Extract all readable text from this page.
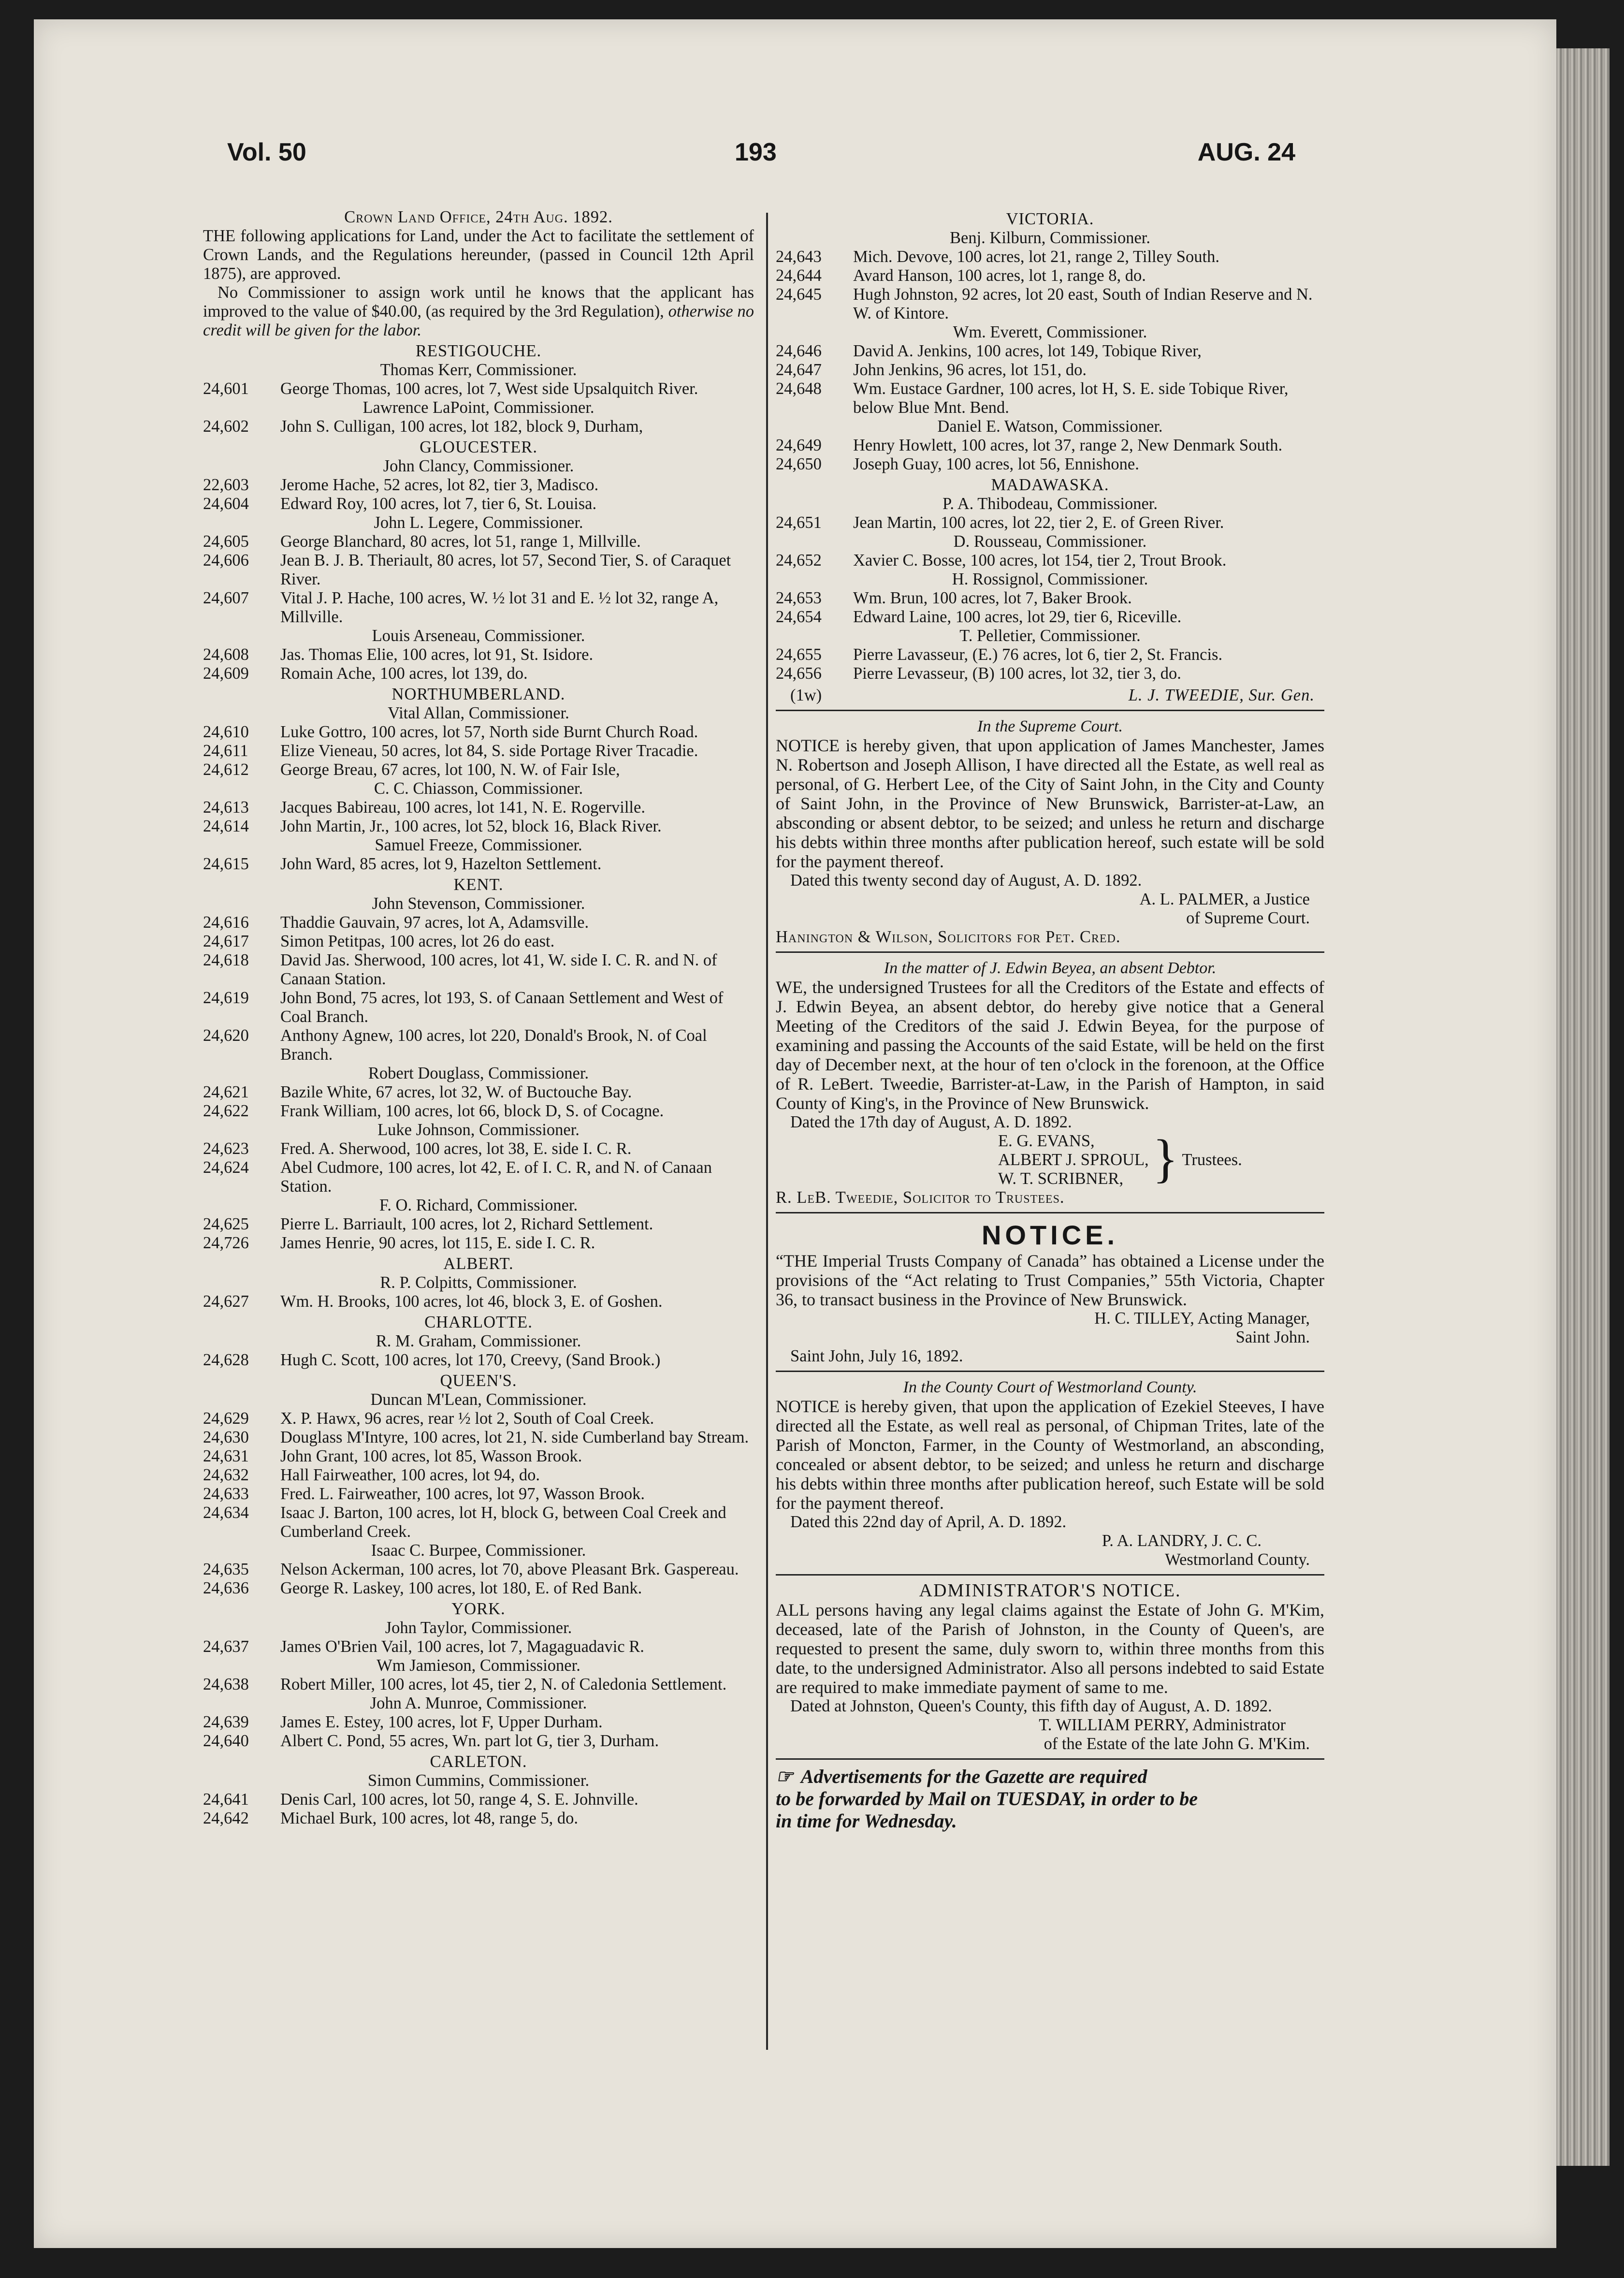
Vol. 50	193	AUG. 24
Crown Land Office, 24th Aug. 1892.
THE following applications for Land, under the Act to facilitate the settlement of Crown Lands, and the Regulations hereunder, (passed in Council 12th April 1875), are approved.
No Commissioner to assign work until he knows that the applicant has improved to the value of $40.00, (as required by the 3rd Regulation), otherwise no credit will be given for the labor.
RESTIGOUCHE.
Thomas Kerr, Commissioner.
24,601 George Thomas, 100 acres, lot 7, West side Upsalquitch River.
Lawrence LaPoint, Commissioner.
24,602 John S. Culligan, 100 acres, lot 182, block 9, Durham,
GLOUCESTER.
John Clancy, Commissioner.
22,603 Jerome Hache, 52 acres, lot 82, tier 3, Madisco.
24,604 Edward Roy, 100 acres, lot 7, tier 6, St. Louisa.
John L. Legere, Commissioner.
24,605 George Blanchard, 80 acres, lot 51, range 1, Millville.
24,606 Jean B. J. B. Theriault, 80 acres, lot 57, Second Tier, S. of Caraquet River.
24,607 Vital J. P. Hache, 100 acres, W. ½ lot 31 and E. ½ lot 32, range A, Millville.
Louis Arseneau, Commissioner.
24,608 Jas. Thomas Elie, 100 acres, lot 91, St. Isidore.
24,609 Romain Ache, 100 acres, lot 139, do.
NORTHUMBERLAND.
Vital Allan, Commissioner.
24,610 Luke Gottro, 100 acres, lot 57, North side Burnt Church Road.
24,611 Elize Vieneau, 50 acres, lot 84, S. side Portage River Tracadie.
24,612 George Breau, 67 acres, lot 100, N. W. of Fair Isle,
C. C. Chiasson, Commissioner.
24,613 Jacques Babireau, 100 acres, lot 141, N. E. Rogerville.
24,614 John Martin, Jr., 100 acres, lot 52, block 16, Black River.
Samuel Freeze, Commissioner.
24,615 John Ward, 85 acres, lot 9, Hazelton Settlement.
KENT.
John Stevenson, Commissioner.
24,616 Thaddie Gauvain, 97 acres, lot A, Adamsville.
24,617 Simon Petitpas, 100 acres, lot 26 do east.
24,618 David Jas. Sherwood, 100 acres, lot 41, W. side I. C. R. and N. of Canaan Station.
24,619 John Bond, 75 acres, lot 193, S. of Canaan Settlement and West of Coal Branch.
24,620 Anthony Agnew, 100 acres, lot 220, Donald's Brook, N. of Coal Branch.
Robert Douglass, Commissioner.
24,621 Bazile White, 67 acres, lot 32, W. of Buctouche Bay.
24,622 Frank William, 100 acres, lot 66, block D, S. of Cocagne.
Luke Johnson, Commissioner.
24,623 Fred. A. Sherwood, 100 acres, lot 38, E. side I. C. R.
24,624 Abel Cudmore, 100 acres, lot 42, E. of I. C. R, and N. of Canaan Station.
F. O. Richard, Commissioner.
24,625 Pierre L. Barriault, 100 acres, lot 2, Richard Settlement.
24,726 James Henrie, 90 acres, lot 115, E. side I. C. R.
ALBERT.
R. P. Colpitts, Commissioner.
24,627 Wm. H. Brooks, 100 acres, lot 46, block 3, E. of Goshen.
CHARLOTTE.
R. M. Graham, Commissioner.
24,628 Hugh C. Scott, 100 acres, lot 170, Creevy, (Sand Brook.)
QUEEN'S.
Duncan M'Lean, Commissioner.
24,629 X. P. Hawx, 96 acres, rear ½ lot 2, South of Coal Creek.
24,630 Douglass M'Intyre, 100 acres, lot 21, N. side Cumberland bay Stream.
24,631 John Grant, 100 acres, lot 85, Wasson Brook.
24,632 Hall Fairweather, 100 acres, lot 94, do.
24,633 Fred. L. Fairweather, 100 acres, lot 97, Wasson Brook.
24,634 Isaac J. Barton, 100 acres, lot H, block G, between Coal Creek and Cumberland Creek.
Isaac C. Burpee, Commissioner.
24,635 Nelson Ackerman, 100 acres, lot 70, above Pleasant Brk. Gaspereau.
24,636 George R. Laskey, 100 acres, lot 180, E. of Red Bank.
YORK.
John Taylor, Commissioner.
24,637 James O'Brien Vail, 100 acres, lot 7, Magaguadavic R.
Wm Jamieson, Commissioner.
24,638 Robert Miller, 100 acres, lot 45, tier 2, N. of Caledonia Settlement.
John A. Munroe, Commissioner.
24,639 James E. Estey, 100 acres, lot F, Upper Durham.
24,640 Albert C. Pond, 55 acres, Wn. part lot G, tier 3, Durham.
CARLETON.
Simon Cummins, Commissioner.
24,641 Denis Carl, 100 acres, lot 50, range 4, S. E. Johnville.
24,642 Michael Burk, 100 acres, lot 48, range 5, do.
VICTORIA.
Benj. Kilburn, Commissioner.
24,643 Mich. Devove, 100 acres, lot 21, range 2, Tilley South.
24,644 Avard Hanson, 100 acres, lot 1, range 8, do.
24,645 Hugh Johnston, 92 acres, lot 20 east, South of Indian Reserve and N. W. of Kintore.
Wm. Everett, Commissioner.
24,646 David A. Jenkins, 100 acres, lot 149, Tobique River,
24,647 John Jenkins, 96 acres, lot 151, do.
24,648 Wm. Eustace Gardner, 100 acres, lot H, S. E. side Tobique River, below Blue Mnt. Bend.
Daniel E. Watson, Commissioner.
24,649 Henry Howlett, 100 acres, lot 37, range 2, New Denmark South.
24,650 Joseph Guay, 100 acres, lot 56, Ennishone.
MADAWASKA.
P. A. Thibodeau, Commissioner.
24,651 Jean Martin, 100 acres, lot 22, tier 2, E. of Green River.
D. Rousseau, Commissioner.
24,652 Xavier C. Bosse, 100 acres, lot 154, tier 2, Trout Brook.
H. Rossignol, Commissioner.
24,653 Wm. Brun, 100 acres, lot 7, Baker Brook.
24,654 Edward Laine, 100 acres, lot 29, tier 6, Riceville.
T. Pelletier, Commissioner.
24,655 Pierre Lavasseur, (E.) 76 acres, lot 6, tier 2, St. Francis.
24,656 Pierre Levasseur, (B) 100 acres, lot 32, tier 3, do.
(1w)	L. J. TWEEDIE, Sur. Gen.
In the Supreme Court.
NOTICE is hereby given, that upon application of James Manchester, James N. Robertson and Joseph Allison, I have directed all the Estate, as well real as personal, of G. Herbert Lee, of the City of Saint John, in the City and County of Saint John, in the Province of New Brunswick, Barrister-at-Law, an absconding or absent debtor, to be seized; and unless he return and discharge his debts within three months after publication hereof, such estate will be sold for the payment thereof.
Dated this twenty second day of August, A. D. 1892.
A. L. PALMER, a Justice
of Supreme Court.
Hanington & Wilson, Solicitors for Pet. Cred.
In the matter of J. Edwin Beyea, an absent Debtor.
WE, the undersigned Trustees for all the Creditors of the Estate and effects of J. Edwin Beyea, an absent debtor, do hereby give notice that a General Meeting of the Creditors of the said J. Edwin Beyea, for the purpose of examining and passing the Accounts of the said Estate, will be held on the first day of December next, at the hour of ten o'clock in the forenoon, at the Office of R. LeBert. Tweedie, Barrister-at-Law, in the Parish of Hampton, in said County of King's, in the Province of New Brunswick.
Dated the 17th day of August, A. D. 1892.
E. G. EVANS,
ALBERT J. SPROUL,
W. T. SCRIBNER, } Trustees.
R. LeB. Tweedie, Solicitor to Trustees.
NOTICE.
“THE Imperial Trusts Company of Canada” has obtained a License under the provisions of the “Act relating to Trust Companies,” 55th Victoria, Chapter 36, to transact business in the Province of New Brunswick.
H. C. TILLEY, Acting Manager,
Saint John.
Saint John, July 16, 1892.
In the County Court of Westmorland County.
NOTICE is hereby given, that upon the application of Ezekiel Steeves, I have directed all the Estate, as well real as personal, of Chipman Trites, late of the Parish of Moncton, Farmer, in the County of Westmorland, an absconding, concealed or absent debtor, to be seized; and unless he return and discharge his debts within three months after publication hereof, such Estate will be sold for the payment thereof.
Dated this 22nd day of April, A. D. 1892.
P. A. LANDRY, J. C. C.
Westmorland County.
ADMINISTRATOR'S NOTICE.
ALL persons having any legal claims against the Estate of John G. M'Kim, deceased, late of the Parish of Johnston, in the County of Queen's, are requested to present the same, duly sworn to, within three months from this date, to the undersigned Administrator. Also all persons indebted to said Estate are required to make immediate payment of same to me.
Dated at Johnston, Queen's County, this fifth day of August, A. D. 1892.
T. WILLIAM PERRY, Administrator
of the Estate of the late John G. M'Kim.
☞ Advertisements for the Gazette are required
to be forwarded by Mail on TUESDAY, in order to be
in time for Wednesday.
